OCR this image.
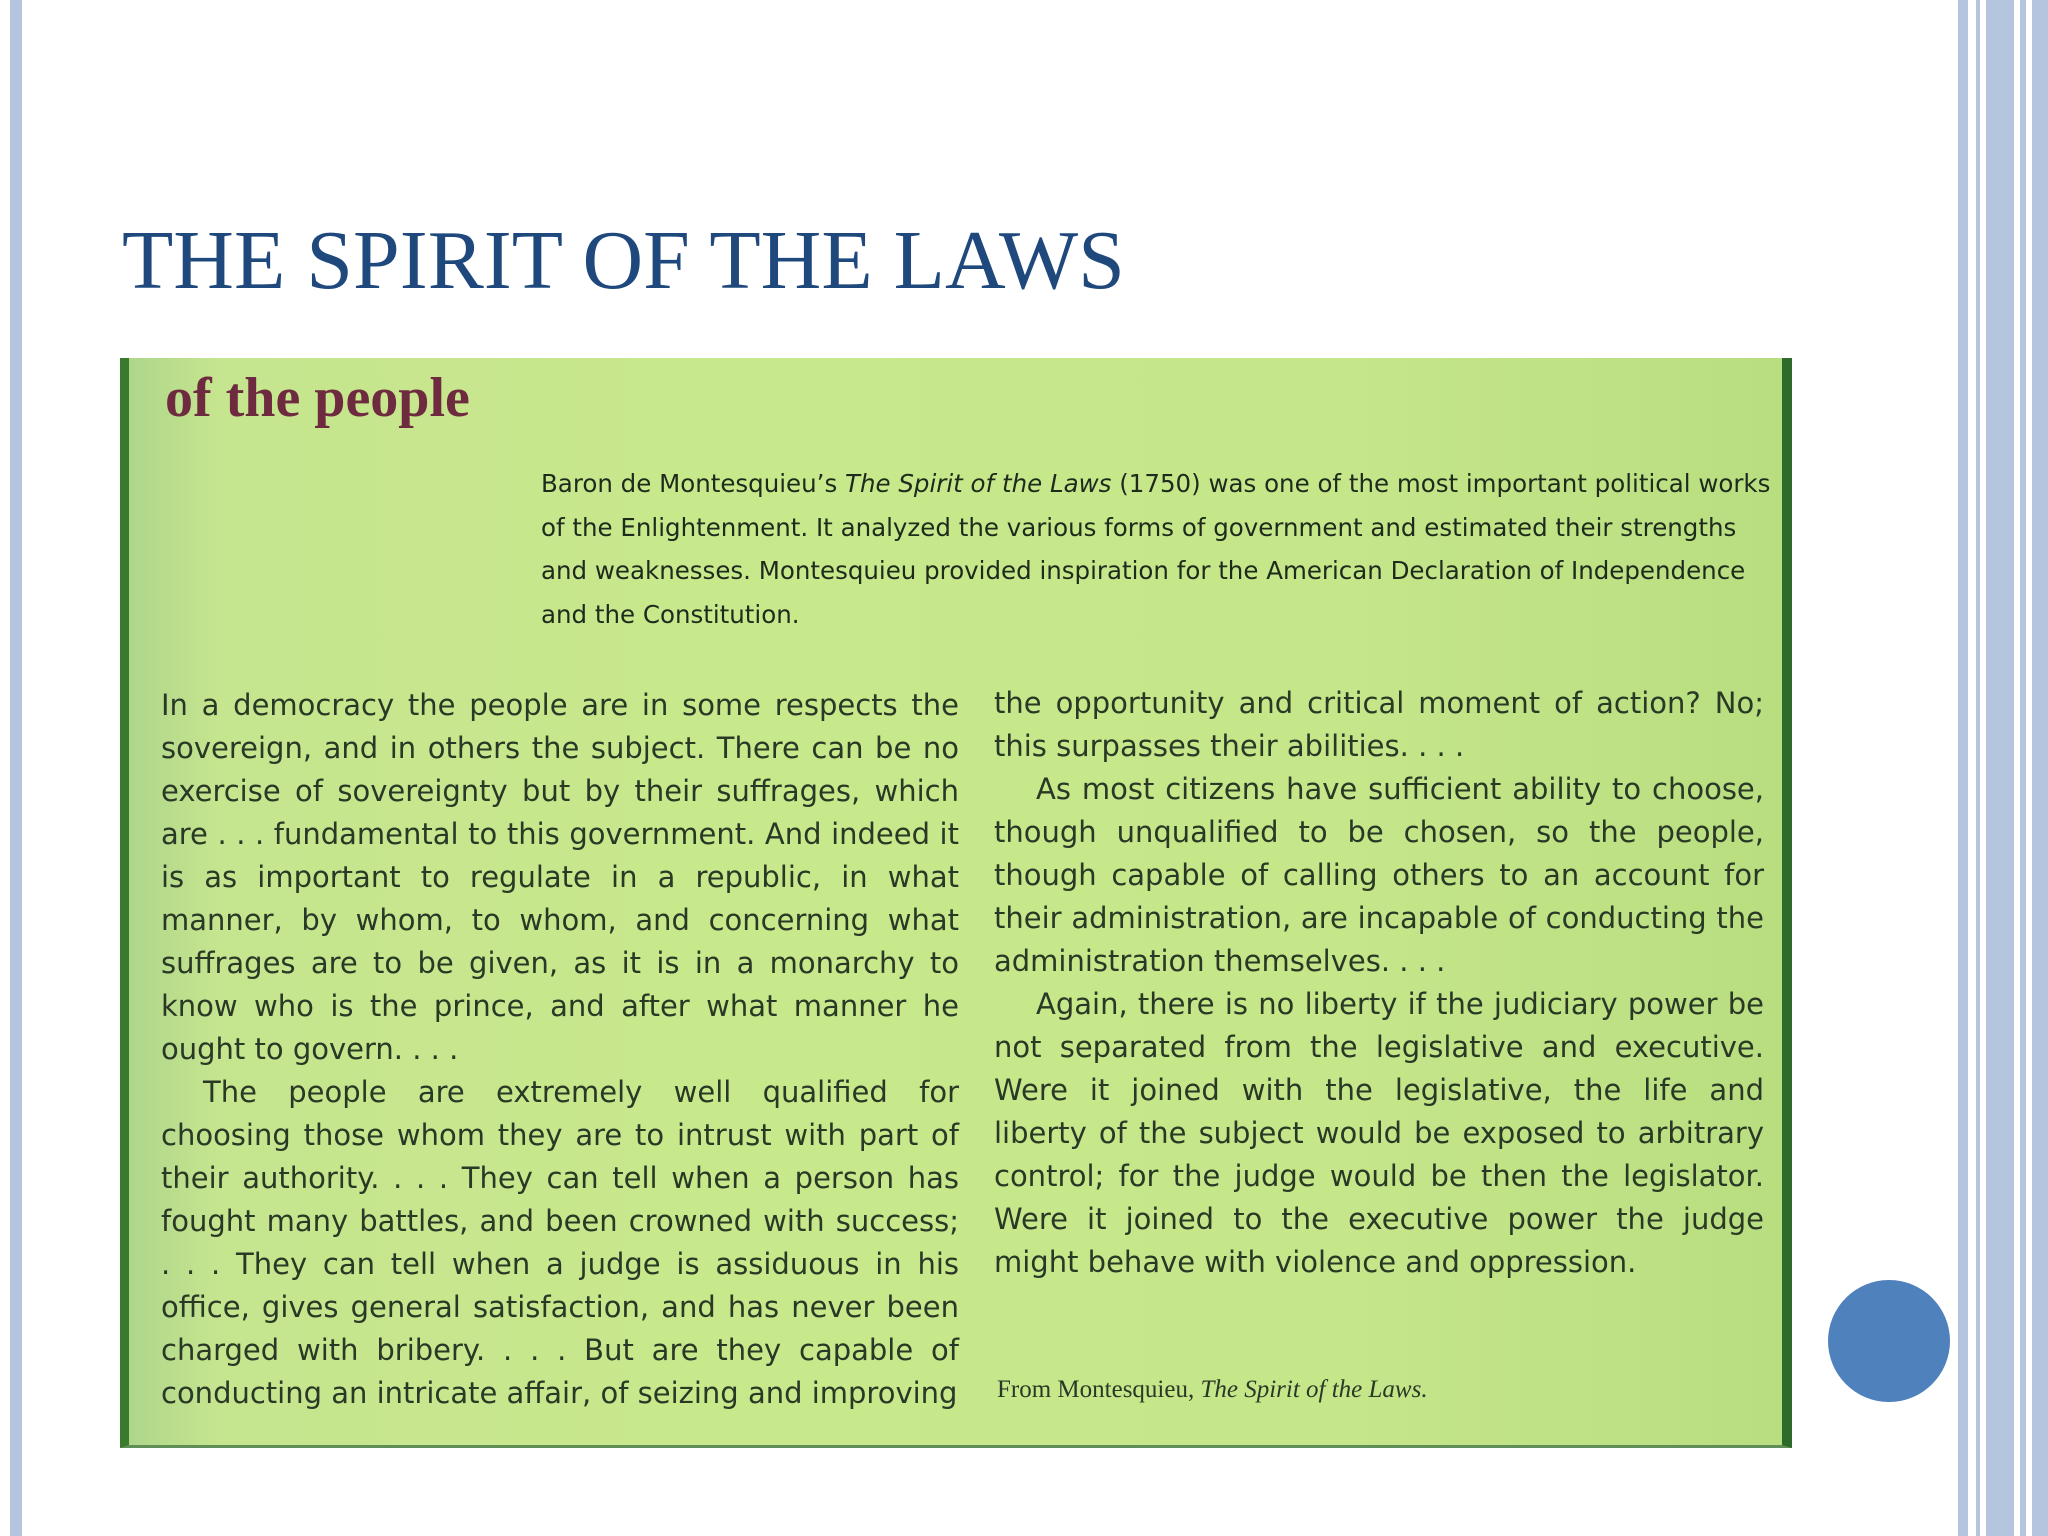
THE SPIRIT OF THE LAWS
of the people

Baron de Montesquieu’s The Spirit of the Laws (1750) was one of the most important political works of the Enlightenment. It analyzed the various forms of government and estimated their strengths and weaknesses. Montesquieu provided inspiration for the American Declaration of Independence and the Constitution.

In a democracy the people are in some respects the sovereign, and in others the subject. There can be no exercise of sovereignty but by their suffrages, which are . . . fundamental to this government. And indeed it is as important to regulate in a republic, in what manner, by whom, to whom, and concerning what suffrages are to be given, as it is in a monarchy to know who is the prince, and after what manner he ought to govern. . . .

The people are extremely well qualified for choosing those whom they are to intrust with part of their authority. . . . They can tell when a person has fought many battles, and been crowned with success; . . . They can tell when a judge is assiduous in his office, gives general satisfaction, and has never been charged with bribery. . . . But are they capable of conducting an intricate affair, of seizing and improving

the opportunity and critical moment of action? No; this surpasses their abilities. . . .

As most citizens have sufficient ability to choose, though unqualified to be chosen, so the people, though capable of calling others to an account for their administration, are incapable of conducting the administration themselves. . . .

Again, there is no liberty if the judiciary power be not separated from the legislative and executive. Were it joined with the legislative, the life and liberty of the subject would be exposed to arbitrary control; for the judge would be then the legislator. Were it joined to the executive power the judge might behave with violence and oppression.

From Montesquieu, The Spirit of the Laws.
